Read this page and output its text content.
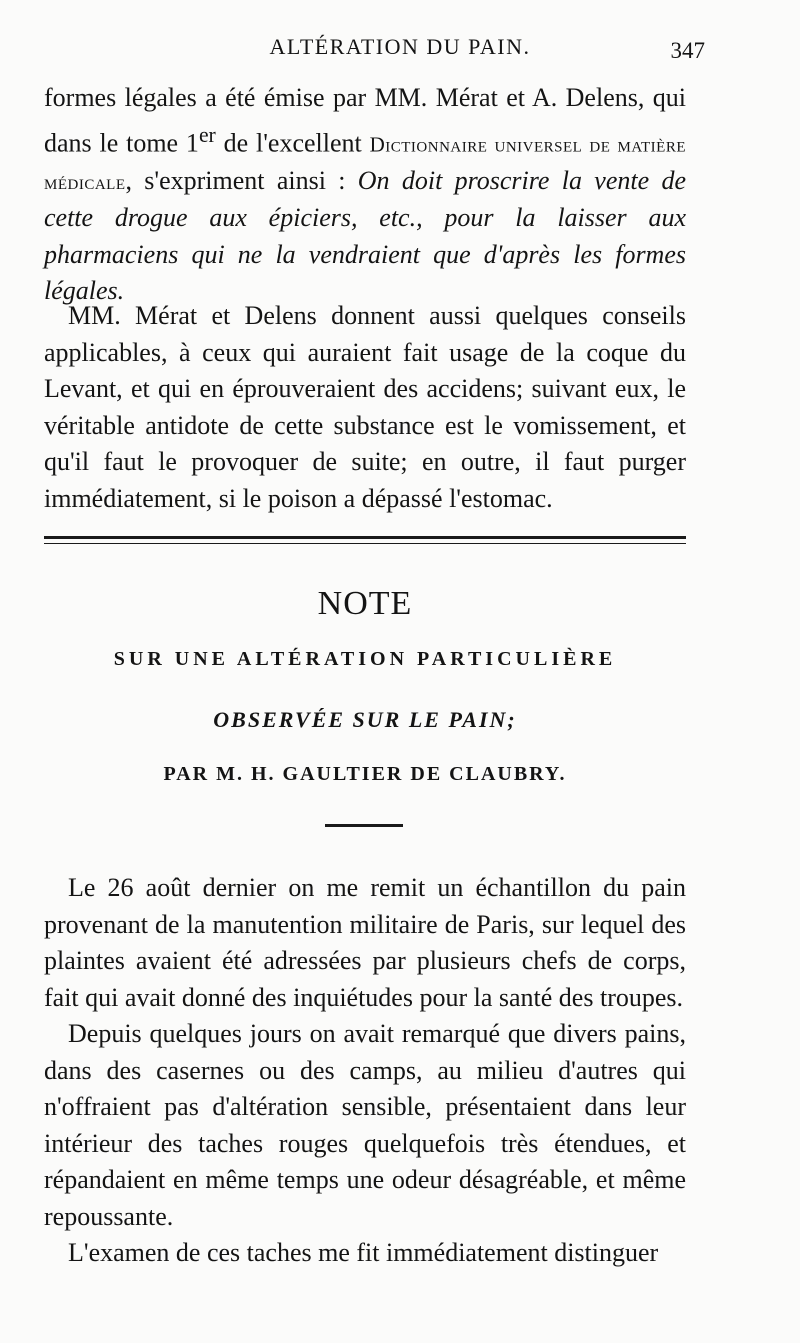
ALTÉRATION DU PAIN.	347

formes légales a été émise par MM. Mérat et A. Delens, qui dans le tome 1er de l'excellent Dictionnaire universel de matière médicale, s'expriment ainsi : On doit proscrire la vente de cette drogue aux épiciers, etc., pour la laisser aux pharmaciens qui ne la vendraient que d'après les formes légales.

MM. Mérat et Delens donnent aussi quelques conseils applicables, à ceux qui auraient fait usage de la coque du Levant, et qui en éprouveraient des accidens; suivant eux, le véritable antidote de cette substance est le vomissement, et qu'il faut le provoquer de suite; en outre, il faut purger immédiatement, si le poison a dépassé l'estomac.

NOTE
SUR UNE ALTÉRATION PARTICULIÈRE
OBSERVÉE SUR LE PAIN;
PAR M. H. GAULTIER DE CLAUBRY.

Le 26 août dernier on me remit un échantillon du pain provenant de la manutention militaire de Paris, sur lequel des plaintes avaient été adressées par plusieurs chefs de corps, fait qui avait donné des inquiétudes pour la santé des troupes.

Depuis quelques jours on avait remarqué que divers pains, dans des casernes ou des camps, au milieu d'autres qui n'offraient pas d'altération sensible, présentaient dans leur intérieur des taches rouges quelquefois très étendues, et répandaient en même temps une odeur désagréable, et même repoussante.

L'examen de ces taches me fit immédiatement distinguer
